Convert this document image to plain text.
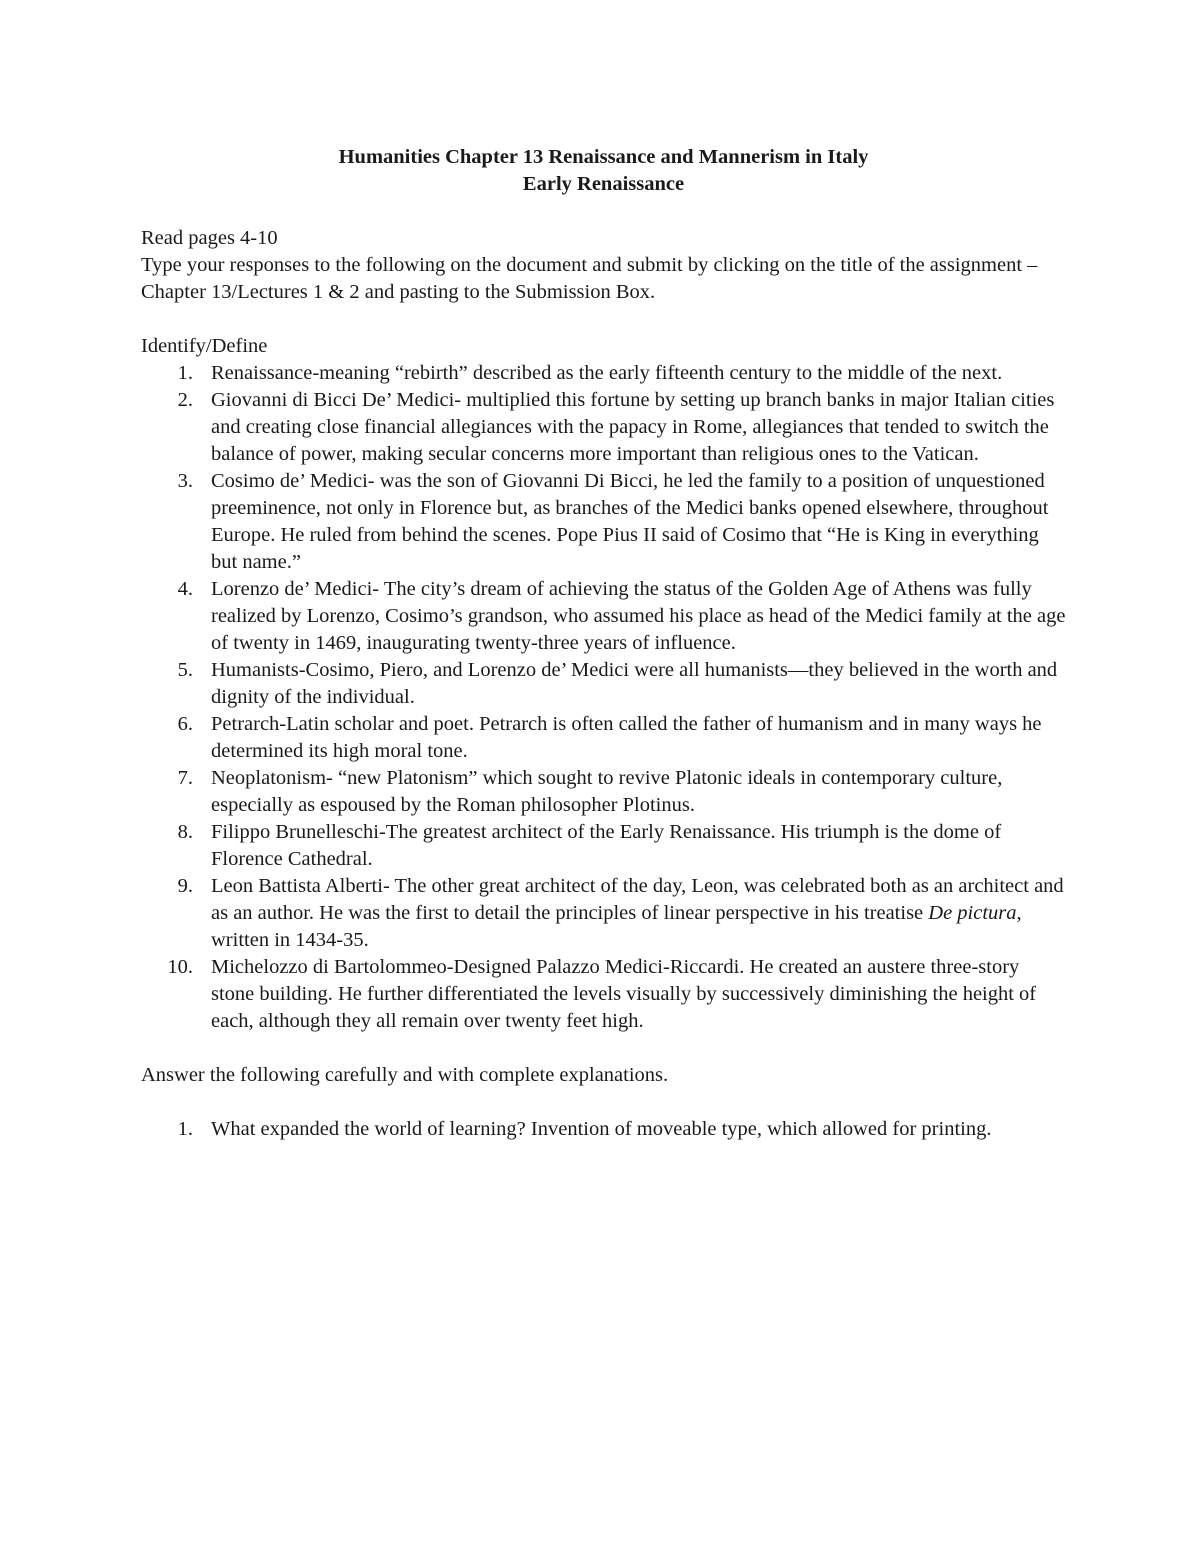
Humanities Chapter 13 Renaissance and Mannerism in Italy

Early Renaissance

Read pages 4-10

Type your responses to the following on the document and submit by clicking on the title of the assignment – Chapter 13/Lectures 1 & 2 and pasting to the Submission Box.

Identify/Define

1. Renaissance-meaning “rebirth” described as the early fifteenth century to the middle of the next.
2. Giovanni di Bicci De’ Medici- multiplied this fortune by setting up branch banks in major Italian cities and creating close financial allegiances with the papacy in Rome, allegiances that tended to switch the balance of power, making secular concerns more important than religious ones to the Vatican.
3. Cosimo de’ Medici- was the son of Giovanni Di Bicci, he led the family to a position of unquestioned preeminence, not only in Florence but, as branches of the Medici banks opened elsewhere, throughout Europe. He ruled from behind the scenes. Pope Pius II said of Cosimo that “He is King in everything but name.”
4. Lorenzo de’ Medici- The city’s dream of achieving the status of the Golden Age of Athens was fully realized by Lorenzo, Cosimo’s grandson, who assumed his place as head of the Medici family at the age of twenty in 1469, inaugurating twenty-three years of influence.
5. Humanists-Cosimo, Piero, and Lorenzo de’ Medici were all humanists—they believed in the worth and dignity of the individual.
6. Petrarch-Latin scholar and poet. Petrarch is often called the father of humanism and in many ways he determined its high moral tone.
7. Neoplatonism- “new Platonism” which sought to revive Platonic ideals in contemporary culture, especially as espoused by the Roman philosopher Plotinus.
8. Filippo Brunelleschi-The greatest architect of the Early Renaissance. His triumph is the dome of Florence Cathedral.
9. Leon Battista Alberti- The other great architect of the day, Leon, was celebrated both as an architect and as an author. He was the first to detail the principles of linear perspective in his treatise De pictura, written in 1434-35.
10. Michelozzo di Bartolommeo-Designed Palazzo Medici-Riccardi. He created an austere three-story stone building. He further differentiated the levels visually by successively diminishing the height of each, although they all remain over twenty feet high.

Answer the following carefully and with complete explanations.

1. What expanded the world of learning? Invention of moveable type, which allowed for printing.
